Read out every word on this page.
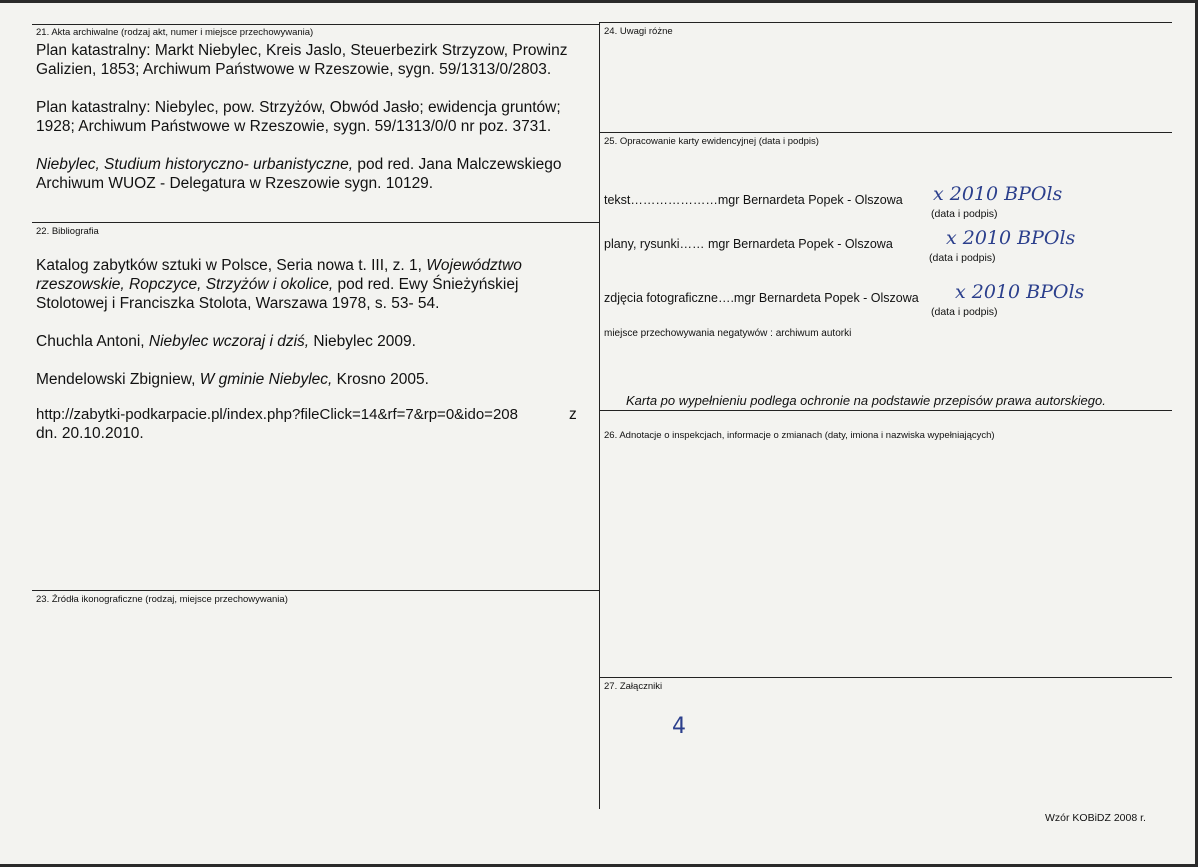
21. Akta archiwalne (rodzaj akt, numer i miejsce przechowywania)

Plan katastralny: Markt Niebylec, Kreis Jaslo, Steuerbezirk Strzyzow, Prowinz Galizien, 1853; Archiwum Państwowe w Rzeszowie, sygn. 59/1313/0/2803.

Plan katastralny: Niebylec, pow. Strzyżów, Obwód Jasło; ewidencja gruntów; 1928; Archiwum Państwowe w Rzeszowie, sygn. 59/1313/0/0 nr poz. 3731.

Niebylec, Studium historyczno- urbanistyczne, pod red. Jana Malczewskiego Archiwum WUOZ - Delegatura w Rzeszowie sygn. 10129.

22. Bibliografia

Katalog zabytków sztuki w Polsce, Seria nowa t. III, z. 1, Województwo rzeszowskie, Ropczyce, Strzyżów i okolice, pod red. Ewy Śnieżyńskiej Stolotowej i Franciszka Stolota, Warszawa 1978, s. 53- 54.

Chuchla Antoni, Niebylec wczoraj i dziś, Niebylec 2009.

Mendelowski Zbigniew, W gminie Niebylec, Krosno 2005.

http://zabytki-podkarpacie.pl/index.php?fileClick=14&rf=7&rp=0&ido=208	z
dn. 20.10.2010.
23. Źródła ikonograficzne (rodzaj, miejsce przechowywania)
24. Uwagi różne
25. Opracowanie karty ewidencyjnej (data i podpis)
tekst…………………mgr Bernardeta Popek - Olszowa x 2010 BPOls
(data i podpis)
plany, rysunki…… mgr Bernardeta Popek - Olszowa	x 2010 BPOls
(data i podpis)
zdjęcia fotograficzne….mgr Bernardeta Popek - Olszowa x 2010 BPOls
(data i podpis)
miejsce przechowywania negatywów : archiwum autorki
Karta po wypełnieniu podlega ochronie na podstawie przepisów prawa autorskiego.
26. Adnotacje o inspekcjach, informacje o zmianach (daty, imiona i nazwiska wypełniających)
27. Załączniki
4
Wzór KOBiDZ 2008 r.
